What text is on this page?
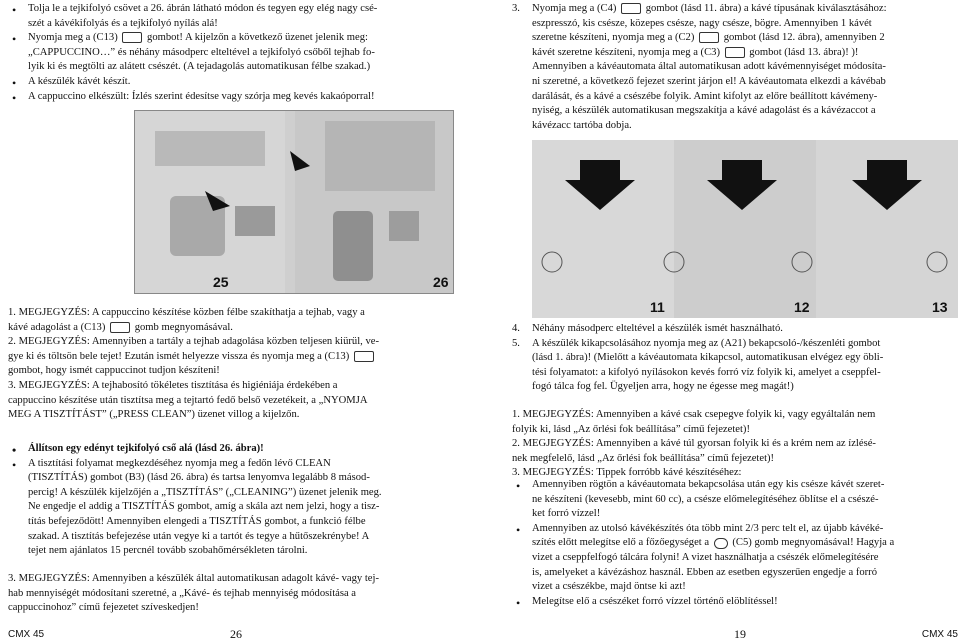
• Tolja le a tejkifolyó csövet a 26. ábrán látható módon és tegyen egy elég nagy csé-
szét a kávékifolyás és a tejkifolyó nyílás alá!

• Nyomja meg a (C13)	gombot! A kijelzőn a következő üzenet jelenik meg:
„CAPPUCCINO…” és néhány másodperc elteltével a tejkifolyó csőből tejhab fo-
lyik ki és megtölti az alátett csészét. (A tejadagolás automatikusan félbe szakad.)

• A készülék kávét készít.

• A cappuccino elkészült: Ízlés szerint édesítse vagy szórja meg kevés kakaóporral!

25	26

1. MEGJEGYZÉS: A cappuccino készítése közben félbe szakíthatja a tejhab, vagy a
kávé adagolást a (C13)	gomb megnyomásával.

2. MEGJEGYZÉS: Amennyiben a tartály a tejhab adagolása közben teljesen kiürül, ve-
gye ki és töltsön bele tejet! Ezután ismét helyezze vissza és nyomja meg a (C13)
gombot, hogy ismét cappuccinot tudjon készíteni!

3. MEGJEGYZÉS: A tejhabosító tökéletes tisztítása és higiéniája érdekében a
cappuccino készítése után tisztítsa meg a tejtartó fedő belső vezetékeit, a „NYOMJA
MEG A TISZTÍTÁST” („PRESS CLEAN”) üzenet villog a kijelzőn.

• Állítson egy edényt tejkifolyó cső alá (lásd 26. ábra)!

• A tisztítási folyamat megkezdéséhez nyomja meg a fedőn lévő CLEAN
(TISZTÍTÁS) gombot (B3) (lásd 26. ábra) és tartsa lenyomva legalább 8 másod-
percig! A készülék kijelzőjén a „TISZTÍTÁS” („CLEANING”) üzenet jelenik meg.
Ne engedje el addig a TISZTÍTÁS gombot, amíg a skála azt nem jelzi, hogy a tisz-
títás befejeződött! Amennyiben elengedi a TISZTÍTÁS gombot, a funkció félbe
szakad. A tisztítás befejezése után vegye ki a tartót és tegye a hűtőszekrénybe! A
tejet nem ajánlatos 15 percnél tovább szobahőmérsékleten tárolni.

3. MEGJEGYZÉS: Amennyiben a készülék által automatikusan adagolt kávé- vagy tej-
hab mennyiségét módosítani szeretné, a „Kávé- és tejhab mennyiség módosítása a
cappuccinohoz” című fejezetet szíveskedjen!

CMX 45	26

3. Nyomja meg a (C4)	gombot (lásd 11. ábra) a kávé típusának kiválasztásához:
eszpresszó, kis csésze, közepes csésze, nagy csésze, bögre. Amennyiben 1 kávét
szeretne készíteni, nyomja meg a (C2)	gombot (lásd 12. ábra), amennyiben 2
kávét szeretne készíteni, nyomja meg a (C3)	gombot (lásd 13. ábra)! )!
Amennyiben a kávéautomata által automatikusan adott kávémennyiséget módosíta-
ni szeretné, a következő fejezet szerint járjon el! A kávéautomata elkezdi a kávébab
darálását, és a kávé a csészébe folyik. Amint kifolyt az előre beállított kávémeny-
nyiség, a készülék automatikusan megszakítja a kávé adagolást és a kávézaccot a
kávézacc tartóba dobja.

11	12	13

4. Néhány másodperc elteltével a készülék ismét használható.

5. A készülék kikapcsolásához nyomja meg az (A21) bekapcsoló-/készenléti gombot
(lásd 1. ábra)! (Mielőtt a kávéautomata kikapcsol, automatikusan elvégez egy öbli-
tési folyamatot: a kifolyó nyílásokon kevés forró víz folyik ki, amelyet a cseppfel-
fogó tálca fog fel. Ügyeljen arra, hogy ne égesse meg magát!)

1. MEGJEGYZÉS: Amennyiben a kávé csak csepegve folyik ki, vagy egyáltalán nem
folyik ki, lásd „Az őrlési fok beállítása” című fejezetet)!

2. MEGJEGYZÉS: Amennyiben a kávé túl gyorsan folyik ki és a krém nem az ízlésé-
nek megfelelő, lásd „Az őrlési fok beállítása” című fejezetet)!

3. MEGJEGYZÉS: Tippek forróbb kávé készítéséhez:

• Amennyiben rögtön a kávéautomata bekapcsolása után egy kis csésze kávét szeret-
ne készíteni (kevesebb, mint 60 cc), a csésze előmelegítéséhez öblítse el a csészé-
ket forró vízzel!

• Amennyiben az utolsó kávékészítés óta több mint 2/3 perc telt el, az újabb kávéké-
szítés előtt melegítse elő a főzőegységet a (C5) gomb megnyomásával! Hagyja a
vizet a cseppfelfogó tálcára folyni! A vizet használhatja a csészék előmelegítésére
is, amelyeket a kávézáshoz használ. Ebben az esetben egyszerűen engedje a forró
vizet a csészékbe, majd öntse ki azt!

• Melegítse elő a csészéket forró vízzel történő elöblítéssel!

19	CMX 45
